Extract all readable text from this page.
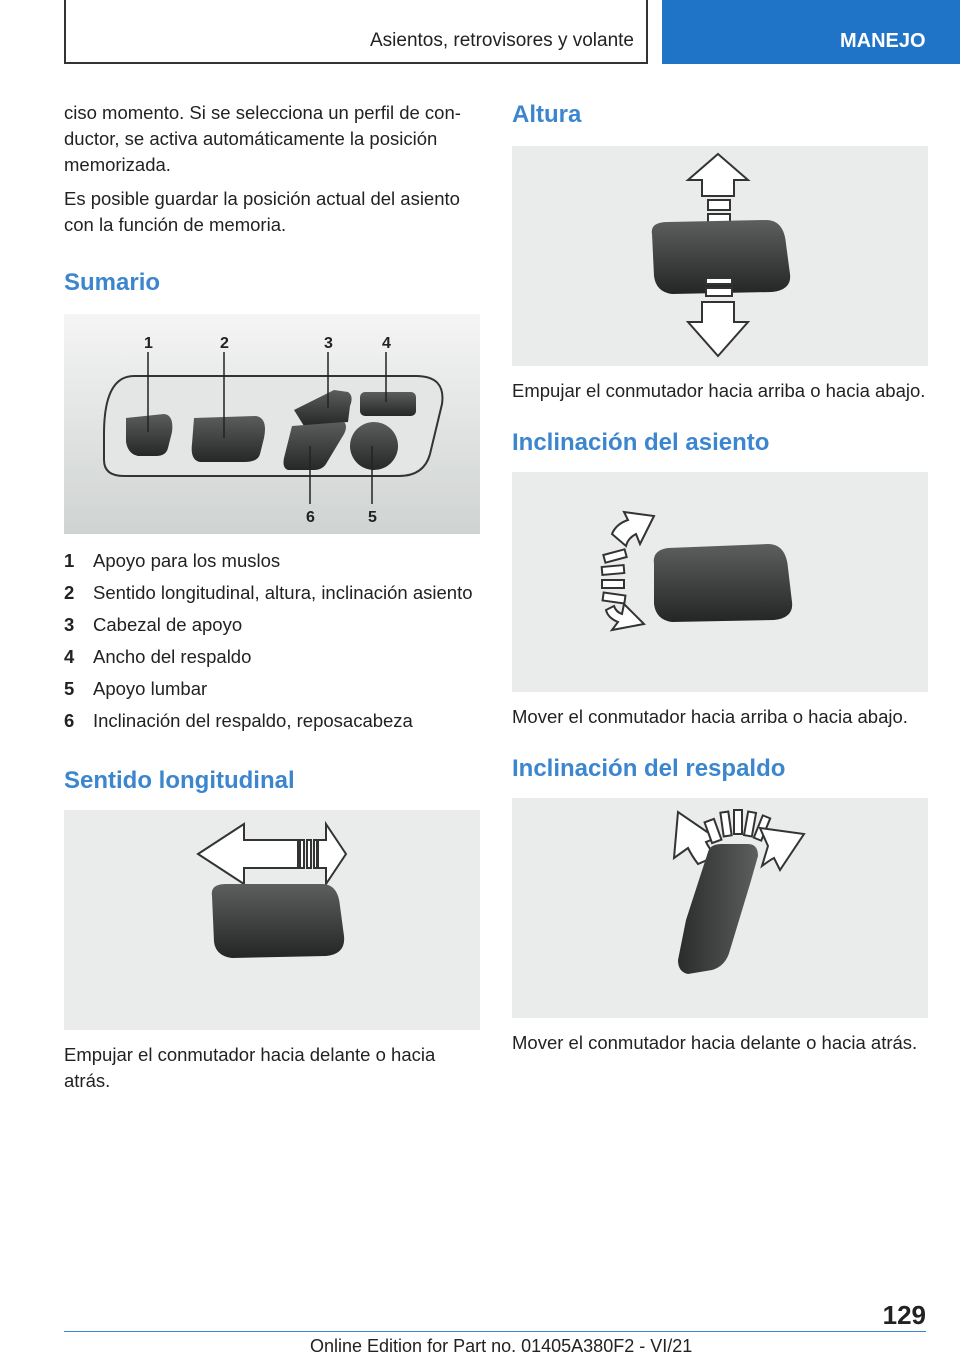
Asientos, retrovisores y volante	MANEJO

ciso momento. Si se selecciona un perfil de con-ductor, se activa automáticamente la posición memorizada.

Es posible guardar la posición actual del asiento con la función de memoria.

Sumario
1	2	3	4
6	5
1 Apoyo para los muslos
2 Sentido longitudinal, altura, inclinación asiento
3 Cabezal de apoyo
4 Ancho del respaldo
5 Apoyo lumbar
6 Inclinación del respaldo, reposacabeza
Sentido longitudinal

Empujar el conmutador hacia delante o hacia atrás.

Altura

Empujar el conmutador hacia arriba o hacia abajo.

Inclinación del asiento

Mover el conmutador hacia arriba o hacia abajo.

Inclinación del respaldo

Mover el conmutador hacia delante o hacia atrás.

129
Online Edition for Part no. 01405A380F2 - VI/21
